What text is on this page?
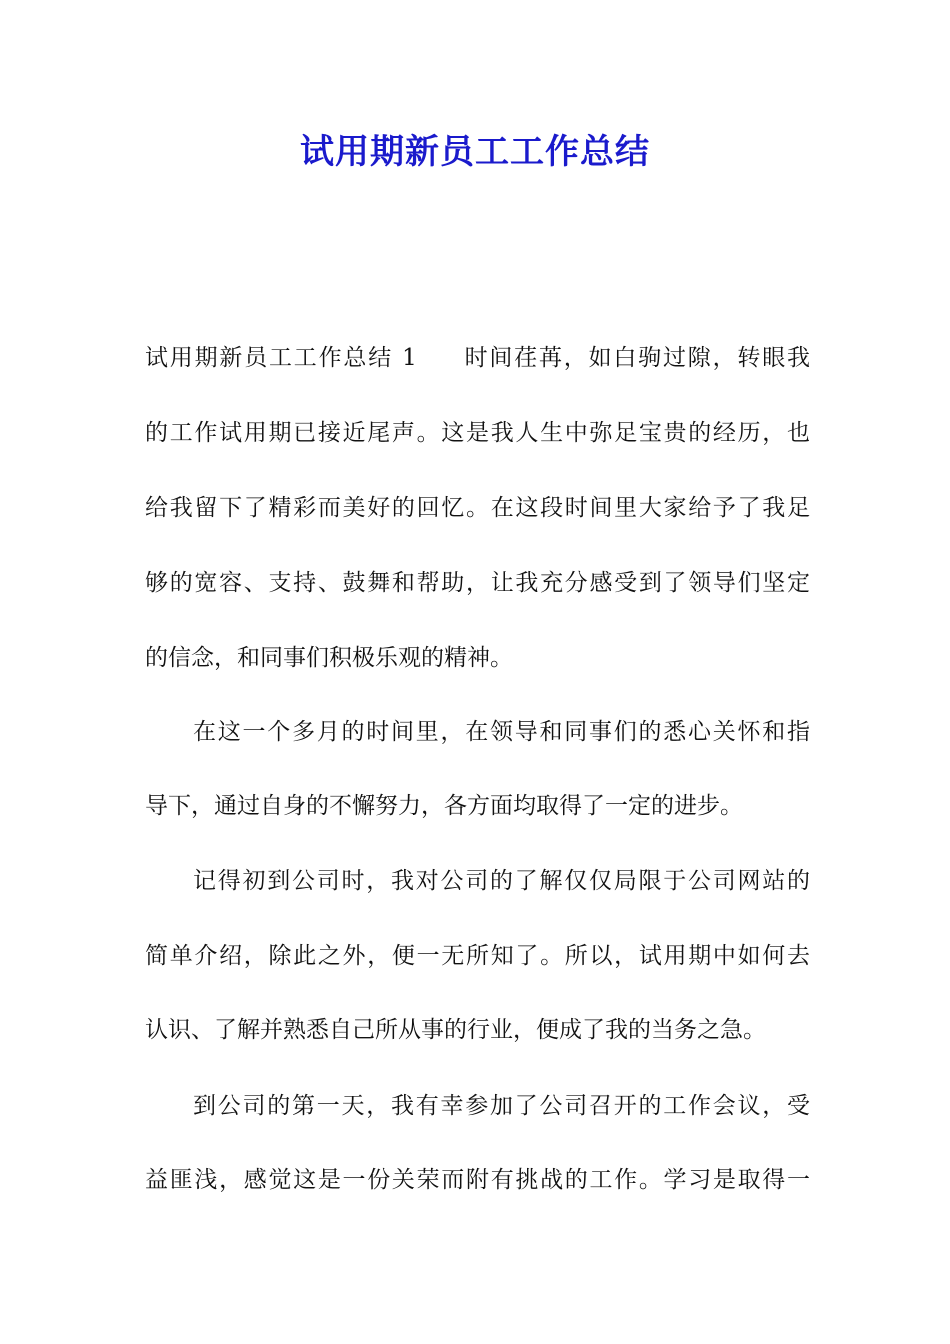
试用期新员工工作总结
试用期新员工工作总结 1 时间荏苒，如白驹过隙，转眼我
的工作试用期已接近尾声。这是我人生中弥足宝贵的经历，也
给我留下了精彩而美好的回忆。在这段时间里大家给予了我足
够的宽容、支持、鼓舞和帮助，让我充分感受到了领导们坚定
的信念，和同事们积极乐观的精神。
在这一个多月的时间里，在领导和同事们的悉心关怀和指
导下，通过自身的不懈努力，各方面均取得了一定的进步。
记得初到公司时，我对公司的了解仅仅局限于公司网站的
简单介绍，除此之外，便一无所知了。所以，试用期中如何去
认识、了解并熟悉自己所从事的行业，便成了我的当务之急。
到公司的第一天，我有幸参加了公司召开的工作会议，受
益匪浅，感觉这是一份关荣而附有挑战的工作。学习是取得一
